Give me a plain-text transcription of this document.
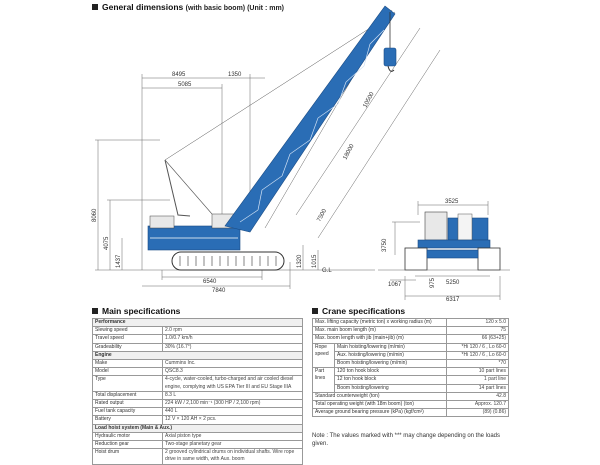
General dimensions (with basic boom) (Unit : mm)
8495	1350
5085
10500
18000
7500
8060
4075
1437	1320 1015
G.L
6540
7840
3525
3750
1067	975 5250
6317
Main specifications
Performance	
Slewing speed	2.0 rpm
Travel speed	1.0/0.7 km/h
Gradeability	30% (16.7°)
Engine	
Make	Cummins Inc.
Model	QSC8.3
Type	4-cycle, water-cooled, turbo-charged and air cooled diesel engine, complying with US EPA Tier III and EU Stage IIIA
Total displacement	8.3 L
Rated output	224 kW / 2,100 min⁻¹ (300 HP / 2,100 rpm)
Fuel tank capacity	440 L
Battery	12 V × 120 AH × 2 pcs.
Load hoist system (Main & Aux.)	
Hydraulic motor	Axial piston type
Reduction gear	Two-stage planetary gear
Hoist drum	2 grooved cylindrical drums on individual shafts. Wire rope drive in same width, with Aux. boom
Crane specifications
Max. lifting capacity (metric ton) x working radius (m)		120 x 5.0
Max. main boom length (m)		75
Max. boom length with jib (main+jib) (m)		66 (63+25)
Rope speed	Main hoisting/lowering (m/min)	*Hi 120 / 6 , Lo 60-0
	Aux. hoisting/lowering (m/min)	*Hi 120 / 6 , Lo 60-0
	Boom hoisting/lowering (m/min)	*70
Part lines	120 ton hook block	10 part lines
	12 ton hook block	1 part line
	Boom hoisting/lowering	14 part lines
Standard counterweight (ton)		42.8
Total operating weight (with 18m boom) (ton)		Approx. 120.7
Average ground bearing pressure (kPa) (kgf/cm²)		(89) (0.86)
Note : The values marked with *** may change depending on the loads given.
